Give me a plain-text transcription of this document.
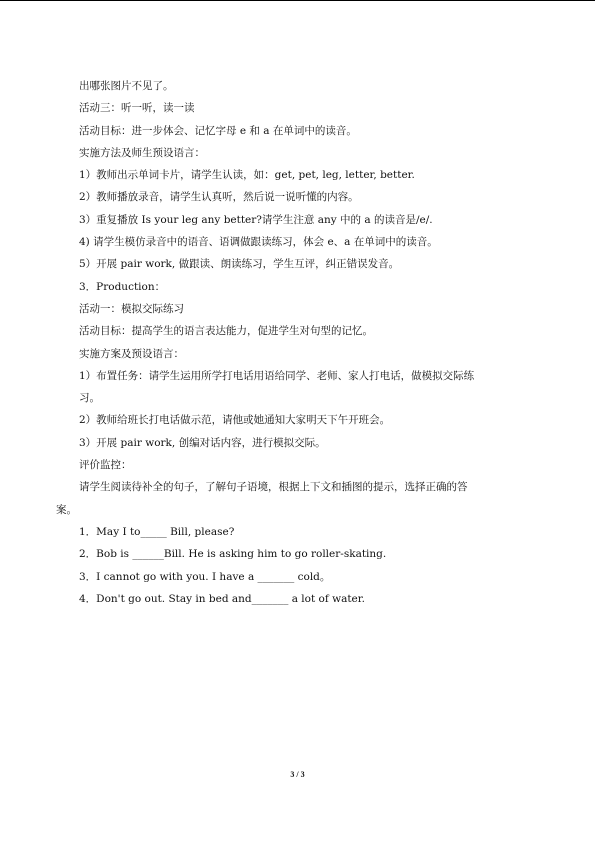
出哪张图片不见了。

活动三：听一听，读一读

活动目标：进一步体会、记忆字母 e 和 a 在单词中的读音。

实施方法及师生预设语言：

1）教师出示单词卡片，请学生认读，如：get, pet, leg, letter, better.

2）教师播放录音，请学生认真听，然后说一说听懂的内容。

3）重复播放 Is your leg any better?请学生注意 any 中的 a 的读音是/e/.

4) 请学生模仿录音中的语音、语调做跟读练习，体会 e、a 在单词中的读音。

5）开展 pair work, 做跟读、朗读练习，学生互评，纠正错误发音。

3．Production：

活动一：模拟交际练习

活动目标：提高学生的语言表达能力，促进学生对句型的记忆。

实施方案及预设语言：

1）布置任务：请学生运用所学打电话用语给同学、老师、家人打电话，做模拟交际练

习。

2）教师给班长打电话做示范，请他或她通知大家明天下午开班会。

3）开展 pair work, 创编对话内容，进行模拟交际。

评价监控：

请学生阅读待补全的句子，了解句子语境，根据上下文和插图的提示，选择正确的答

案。

1．May I to_____ Bill, please?

2．Bob is ______Bill. He is asking him to go roller-skating.

3．I cannot go with you. I have a _______ cold。

4．Don't go out. Stay in bed and_______ a lot of water.

3 / 3
